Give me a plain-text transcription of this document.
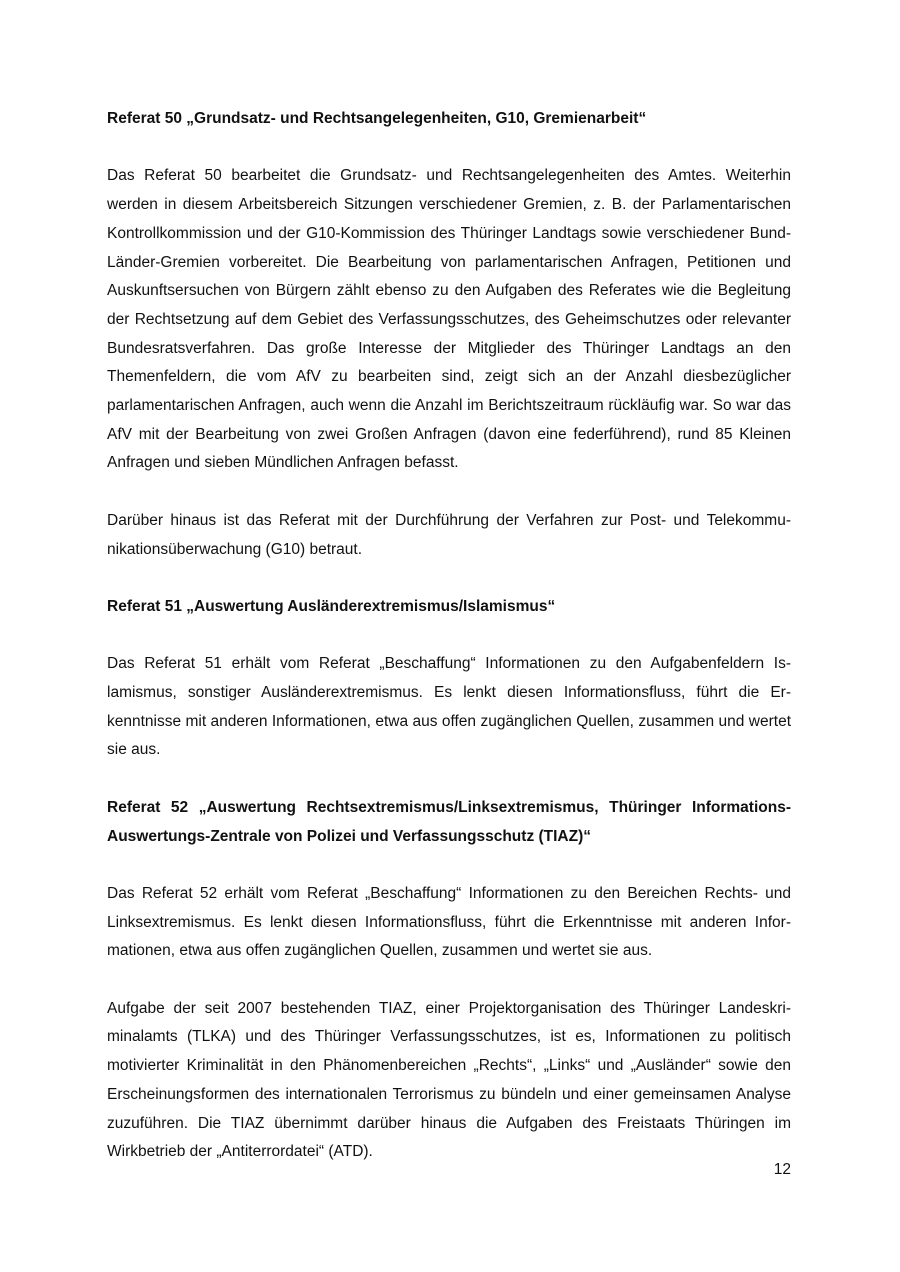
Referat 50 „Grundsatz- und Rechtsangelegenheiten, G10, Gremienarbeit“

Das Referat 50 bearbeitet die Grundsatz- und Rechtsangelegenheiten des Amtes. Weiterhin werden in diesem Arbeitsbereich Sitzungen verschiedener Gremien, z. B. der Parlamentarischen Kontrollkommission und der G10-Kommission des Thüringer Landtags sowie verschiedener Bund-Länder-Gremien vorbereitet. Die Bearbeitung von parlamentarischen Anfragen, Petitionen und Auskunftsersuchen von Bürgern zählt ebenso zu den Aufgaben des Referates wie die Begleitung der Rechtsetzung auf dem Gebiet des Verfassungsschutzes, des Geheimschutzes oder relevanter Bundesratsverfahren. Das große Interesse der Mitglieder des Thüringer Landtags an den Themenfeldern, die vom AfV zu bearbeiten sind, zeigt sich an der Anzahl diesbezüglicher parlamentarischen Anfragen, auch wenn die Anzahl im Berichtszeitraum rückläufig war. So war das AfV mit der Bearbeitung von zwei Großen Anfragen (davon eine federführend), rund 85 Kleinen Anfragen und sieben Mündlichen Anfragen befasst.

Darüber hinaus ist das Referat mit der Durchführung der Verfahren zur Post- und Telekommunikationsüberwachung (G10) betraut.

Referat 51 „Auswertung Ausländerextremismus/Islamismus“

Das Referat 51 erhält vom Referat „Beschaffung“ Informationen zu den Aufgabenfeldern Islamismus, sonstiger Ausländerextremismus. Es lenkt diesen Informationsfluss, führt die Erkenntnisse mit anderen Informationen, etwa aus offen zugänglichen Quellen, zusammen und wertet sie aus.

Referat 52 „Auswertung Rechtsextremismus/Linksextremismus, Thüringer Informations-Auswertungs-Zentrale von Polizei und Verfassungsschutz (TIAZ)“

Das Referat 52 erhält vom Referat „Beschaffung“ Informationen zu den Bereichen Rechts- und Linksextremismus. Es lenkt diesen Informationsfluss, führt die Erkenntnisse mit anderen Informationen, etwa aus offen zugänglichen Quellen, zusammen und wertet sie aus.

Aufgabe der seit 2007 bestehenden TIAZ, einer Projektorganisation des Thüringer Landeskriminalamts (TLKA) und des Thüringer Verfassungsschutzes, ist es, Informationen zu politisch motivierter Kriminalität in den Phänomenbereichen „Rechts“, „Links“ und „Ausländer“ sowie den Erscheinungsformen des internationalen Terrorismus zu bündeln und einer gemeinsamen Analyse zuzuführen. Die TIAZ übernimmt darüber hinaus die Aufgaben des Freistaats Thüringen im Wirkbetrieb der „Antiterrordatei“ (ATD).

12
